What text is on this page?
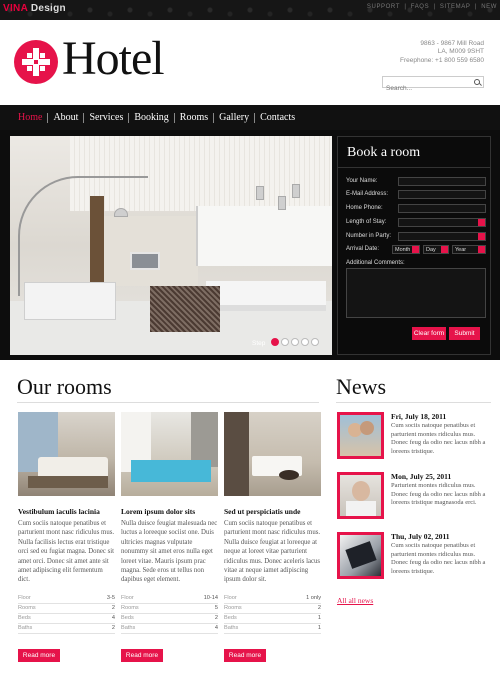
VINA Design	SUPPORT | FAQS | SITEMAP | NEW
Hotel	9863 - 9867 Mill Road
LA, M009 9SHT
Freephone: +1 800 559 6580
Search...
Home	About	Services	Booking	Rooms	Gallery	Contacts
Step
Book a room
Your Name:
E-Mail Address:
Home Phone:
Length of Stay:
Number in Party:
Arrival Date:	Month	Day	Year
Additional Comments:
Clear form	Submit
Our rooms
Vestibulum iaculis lacinia
Cum sociis natoque penatibus et parturient mont nasc ridiculus mus. Nulla facilisis lectus erat tristique orci sed eu fugiat magna. Donec sit amet orci. Donec sit amet ante sit amet adipiscing elit fermentum dict.
Floor	3-5
Rooms	2
Beds	4
Baths	2
Read more
Lorem ipsum dolor sits
Nulla duisce feugiat malesuada nec luctus a loreeque sociist one. Duis ultricies magnas vulputate nonummy sit amet eros nulla eget loreet vitae. Mauris ipsum prac magna. Sede eros ut tellus non dapibus eget element.
Floor	10-14
Rooms	5
Beds	2
Baths	4
Read more
Sed ut perspiciatis unde
Cum sociis natoque penatibus et parturient mont nasc ridiculus mus. Nulla duisce feugiat at loreeque at neque at loreet vitae parturient ridiculus mus. Donec aceleris lacus vitae at neque iamet adipiscing ipsum dolor sit.
Floor	1 only
Rooms	2
Beds	1
Baths	1
Read more
News
Fri, July 18, 2011
Cum sociis natoque penatibus et parturient montes ridiculus mus. Donec feug da odio nec lacus nibh a loreens tristique.
Mon, July 25, 2011
Parturient montes ridiculus mus. Donec feug da odio nec lacus nibh a loreens tristique magnasoda erci.
Thu, July 02, 2011
Cum sociis natoque penatibus et parturient montes ridiculus mus. Donec feug da odio nec lacus nibh a loreens tristique.
All all news
